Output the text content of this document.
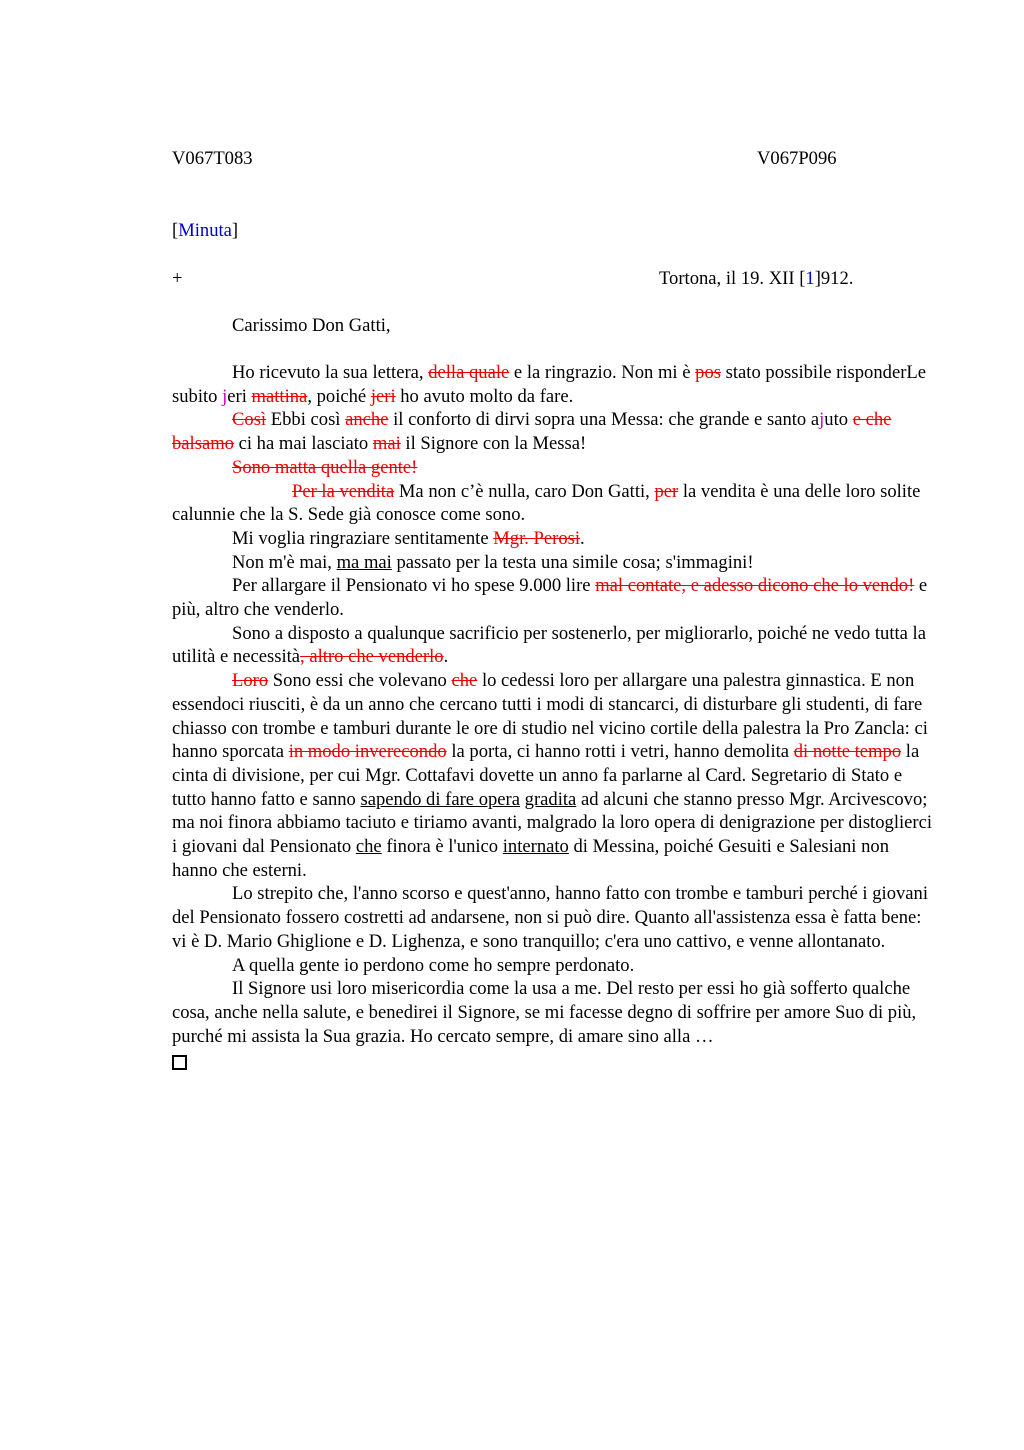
V067T083	V067P096
[Minuta]
+	Tortona, il 19. XII [1]912.
Carissimo Don Gatti,

Ho ricevuto la sua lettera, della quale e la ringrazio. Non mi è pos stato possibile risponderLe subito jeri mattina, poiché jeri ho avuto molto da fare.

Così Ebbi così anche il conforto di dirvi sopra una Messa: che grande e santo ajuto e che balsamo ci ha mai lasciato mai il Signore con la Messa!

Sono matta quella gente!

Per la vendita Ma non c’è nulla, caro Don Gatti, per la vendita è una delle loro solite calunnie che la S. Sede già conosce come sono.

Mi voglia ringraziare sentitamente Mgr. Perosi.

Non m'è mai, ma mai passato per la testa una simile cosa; s'immagini!

Per allargare il Pensionato vi ho spese 9.000 lire mal contate, e adesso dicono che lo vendo! e più, altro che venderlo.

Sono a disposto a qualunque sacrificio per sostenerlo, per migliorarlo, poiché ne vedo tutta la utilità e necessità, altro che venderlo.

Loro Sono essi che volevano che lo cedessi loro per allargare una palestra ginnastica. E non essendoci riusciti, è da un anno che cercano tutti i modi di stancarci, di disturbare gli studenti, di fare chiasso con trombe e tamburi durante le ore di studio nel vicino cortile della palestra la Pro Zancla: ci hanno sporcata in modo inverecondo la porta, ci hanno rotti i vetri, hanno demolita di notte tempo la cinta di divisione, per cui Mgr. Cottafavi dovette un anno fa parlarne al Card. Segretario di Stato e tutto hanno fatto e sanno sapendo di fare opera gradita ad alcuni che stanno presso Mgr. Arcivescovo; ma noi finora abbiamo taciuto e tiriamo avanti, malgrado la loro opera di denigrazione per distoglierci i giovani dal Pensionato che finora è l'unico internato di Messina, poiché Gesuiti e Salesiani non hanno che esterni.

Lo strepito che, l'anno scorso e quest'anno, hanno fatto con trombe e tamburi perché i giovani del Pensionato fossero costretti ad andarsene, non si può dire. Quanto all'assistenza essa è fatta bene: vi è D. Mario Ghiglione e D. Lighenza, e sono tranquillo; c'era uno cattivo, e venne allontanato.

A quella gente io perdono come ho sempre perdonato.

Il Signore usi loro misericordia come la usa a me. Del resto per essi ho già sofferto qualche cosa, anche nella salute, e benedirei il Signore, se mi facesse degno di soffrire per amore Suo di più, purché mi assista la Sua grazia. Ho cercato sempre, di amare sino alla …
